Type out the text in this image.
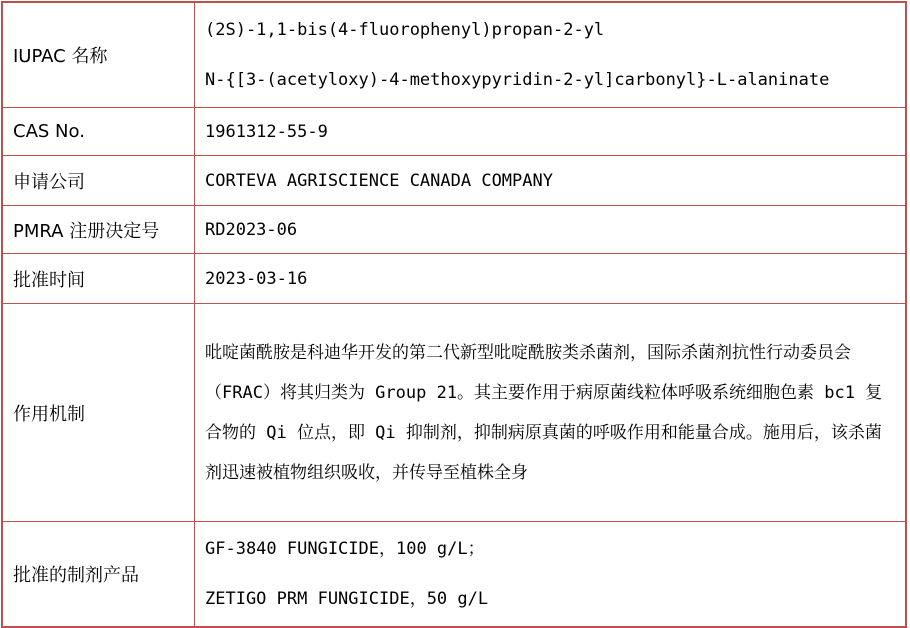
IUPAC 名称	(2S)-1,1-bis(4-fluorophenyl)propan-2-yl
N-{[3-(acetyloxy)-4-methoxypyridin-2-yl]carbonyl}-L-alaninate

CAS No.	1961312-55-9
申请公司	CORTEVA AGRISCIENCE CANADA COMPANY
PMRA 注册决定号	RD2023-06
批准时间	2023-03-16
作用机制	吡啶菌酰胺是科迪华开发的第二代新型吡啶酰胺类杀菌剂，国际杀菌剂抗性行动委员会（FRAC）将其归类为 Group 21。其主要作用于病原菌线粒体呼吸系统细胞色素 bc1 复合物的 Qi 位点，即 Qi 抑制剂，抑制病原真菌的呼吸作用和能量合成。施用后，该杀菌剂迅速被植物组织吸收，并传导至植株全身

批准的制剂产品	GF-3840 FUNGICIDE，100 g/L；
ZETIGO PRM FUNGICIDE，50 g/L
